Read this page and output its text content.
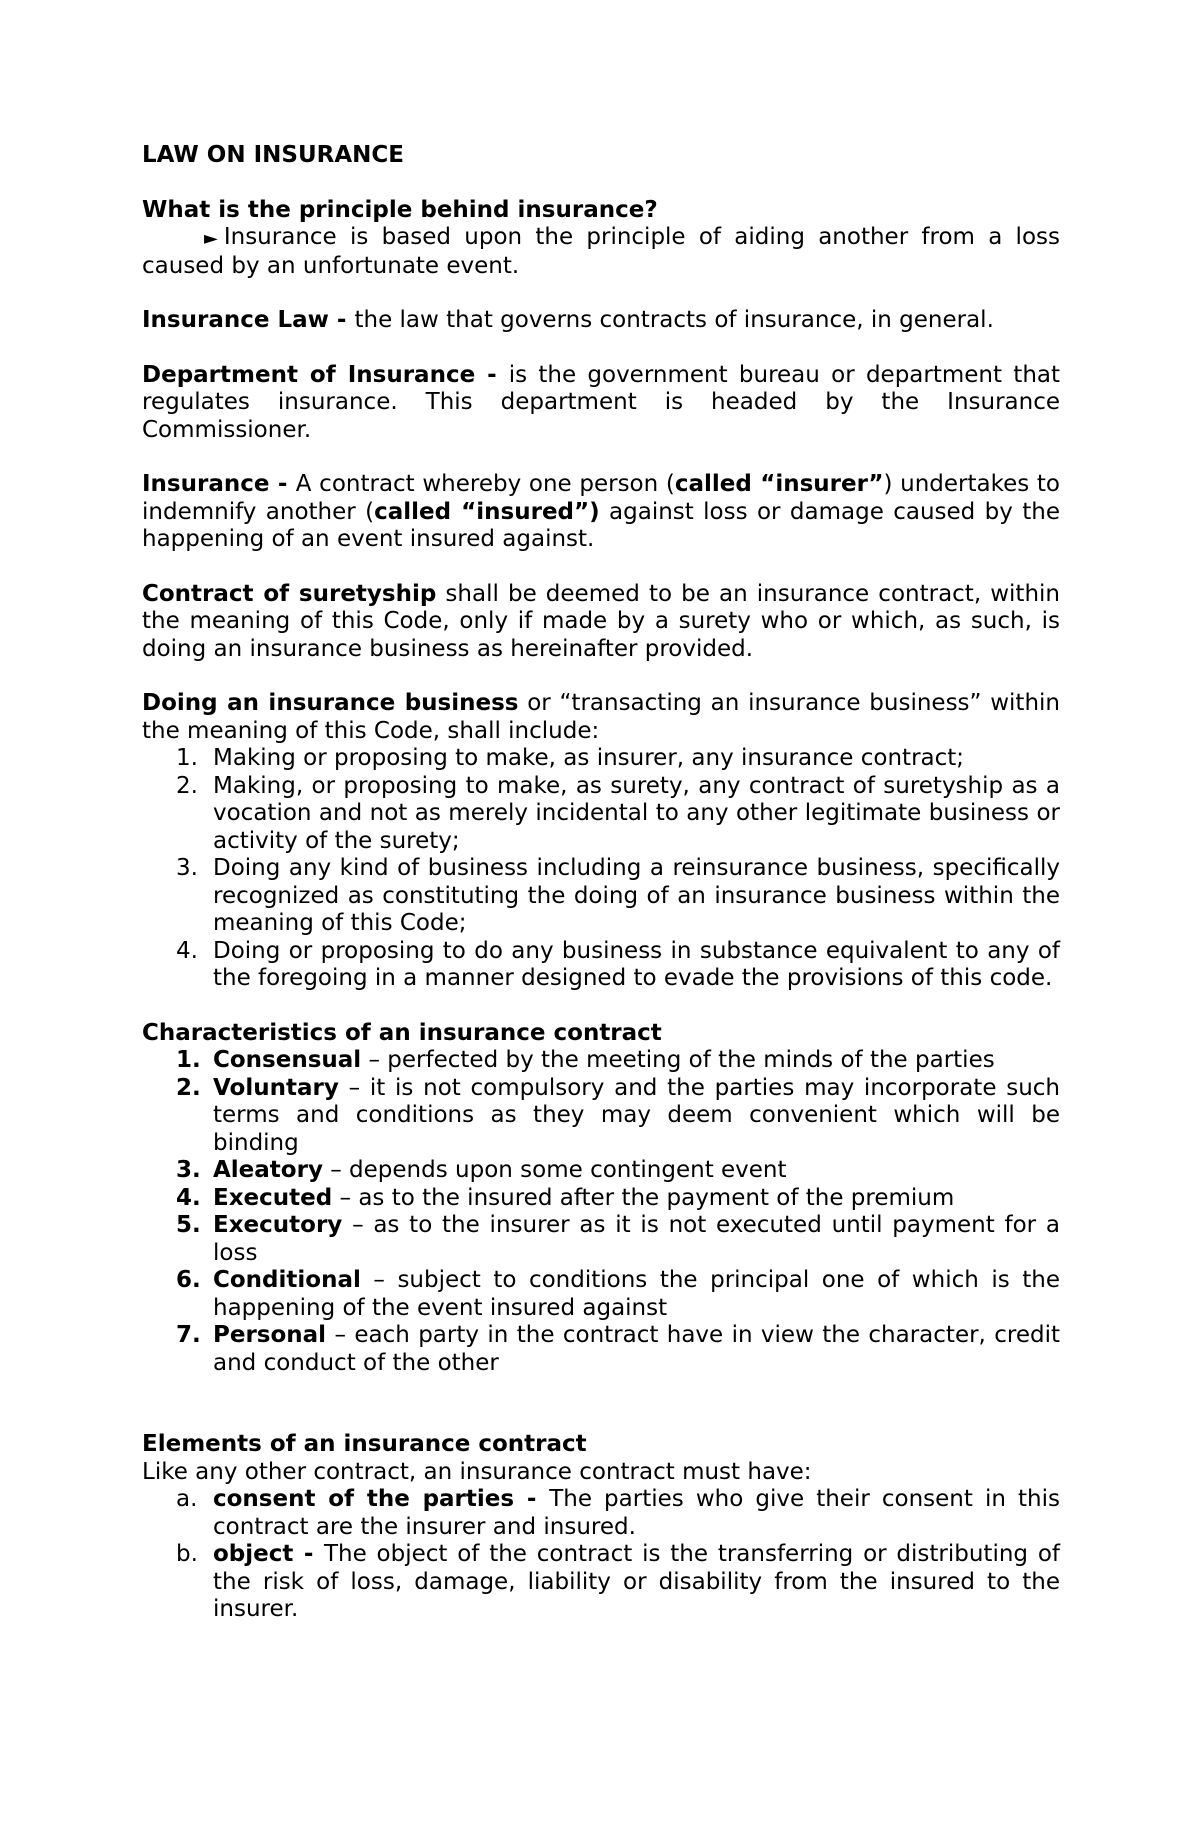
LAW ON INSURANCE

What is the principle behind insurance?

► Insurance is based upon the principle of aiding another from a loss caused by an unfortunate event.

Insurance Law - the law that governs contracts of insurance, in general.

Department of Insurance - is the government bureau or department that regulates insurance. This department is headed by the Insurance Commissioner.

Insurance - A contract whereby one person (called “insurer”) undertakes to indemnify another (called “insured”) against loss or damage caused by the happening of an event insured against.

Contract of suretyship shall be deemed to be an insurance contract, within the meaning of this Code, only if made by a surety who or which, as such, is doing an insurance business as hereinafter provided.

Doing an insurance business or “transacting an insurance business” within the meaning of this Code, shall include:

1. Making or proposing to make, as insurer, any insurance contract;
2. Making, or proposing to make, as surety, any contract of suretyship as a vocation and not as merely incidental to any other legitimate business or activity of the surety;
3. Doing any kind of business including a reinsurance business, specifically recognized as constituting the doing of an insurance business within the meaning of this Code;
4. Doing or proposing to do any business in substance equivalent to any of the foregoing in a manner designed to evade the provisions of this code.

Characteristics of an insurance contract

1. Consensual – perfected by the meeting of the minds of the parties
2. Voluntary – it is not compulsory and the parties may incorporate such terms and conditions as they may deem convenient which will be binding
3. Aleatory – depends upon some contingent event
4. Executed – as to the insured after the payment of the premium
5. Executory – as to the insurer as it is not executed until payment for a loss
6. Conditional – subject to conditions the principal one of which is the happening of the event insured against
7. Personal – each party in the contract have in view the character, credit and conduct of the other

Elements of an insurance contract

Like any other contract, an insurance contract must have:

a. consent of the parties - The parties who give their consent in this contract are the insurer and insured.
b. object - The object of the contract is the transferring or distributing of the risk of loss, damage, liability or disability from the insured to the insurer.
